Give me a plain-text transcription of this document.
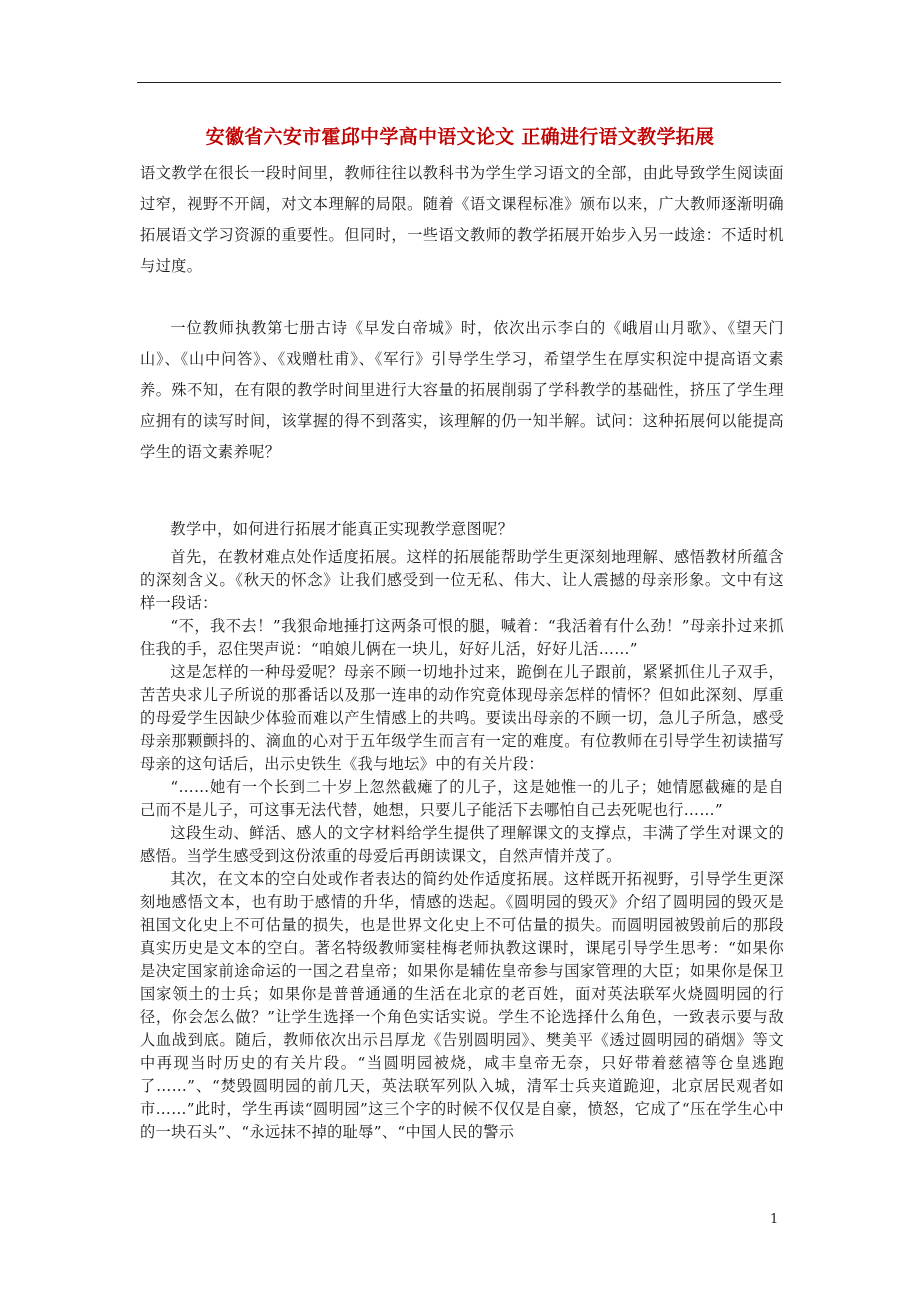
安徽省六安市霍邱中学高中语文论文 正确进行语文教学拓展

语文教学在很长一段时间里，教师往往以教科书为学生学习语文的全部，由此导致学生阅读面过窄，视野不开阔，对文本理解的局限。随着《语文课程标准》颁布以来，广大教师逐渐明确拓展语文学习资源的重要性。但同时，一些语文教师的教学拓展开始步入另一歧途：不适时机与过度。

一位教师执教第七册古诗《早发白帝城》时，依次出示李白的《峨眉山月歌》、《望天门山》、《山中问答》、《戏赠杜甫》、《军行》引导学生学习，希望学生在厚实积淀中提高语文素养。殊不知，在有限的教学时间里进行大容量的拓展削弱了学科教学的基础性，挤压了学生理应拥有的读写时间，该掌握的得不到落实，该理解的仍一知半解。试问：这种拓展何以能提高学生的语文素养呢？

教学中，如何进行拓展才能真正实现教学意图呢？

首先，在教材难点处作适度拓展。这样的拓展能帮助学生更深刻地理解、感悟教材所蕴含的深刻含义。《秋天的怀念》让我们感受到一位无私、伟大、让人震撼的母亲形象。文中有这样一段话：

“不，我不去！”我狠命地捶打这两条可恨的腿，喊着：“我活着有什么劲！”母亲扑过来抓住我的手，忍住哭声说：“咱娘儿俩在一块儿，好好儿活，好好儿活……”

这是怎样的一种母爱呢？母亲不顾一切地扑过来，跪倒在儿子跟前，紧紧抓住儿子双手，苦苦央求儿子所说的那番话以及那一连串的动作究竟体现母亲怎样的情怀？但如此深刻、厚重的母爱学生因缺少体验而难以产生情感上的共鸣。要读出母亲的不顾一切，急儿子所急，感受母亲那颗颤抖的、滴血的心对于五年级学生而言有一定的难度。有位教师在引导学生初读描写母亲的这句话后，出示史铁生《我与地坛》中的有关片段：

“……她有一个长到二十岁上忽然截瘫了的儿子，这是她惟一的儿子；她情愿截瘫的是自己而不是儿子，可这事无法代替，她想，只要儿子能活下去哪怕自己去死呢也行……”

这段生动、鲜活、感人的文字材料给学生提供了理解课文的支撑点，丰满了学生对课文的感悟。当学生感受到这份浓重的母爱后再朗读课文，自然声情并茂了。

其次，在文本的空白处或作者表达的简约处作适度拓展。这样既开拓视野，引导学生更深刻地感悟文本，也有助于感情的升华，情感的迭起。《圆明园的毁灭》介绍了圆明园的毁灭是祖国文化史上不可估量的损失，也是世界文化史上不可估量的损失。而圆明园被毁前后的那段真实历史是文本的空白。著名特级教师窦桂梅老师执教这课时，课尾引导学生思考：“如果你是决定国家前途命运的一国之君皇帝；如果你是辅佐皇帝参与国家管理的大臣；如果你是保卫国家领土的士兵；如果你是普普通通的生活在北京的老百姓，面对英法联军火烧圆明园的行径，你会怎么做？”让学生选择一个角色实话实说。学生不论选择什么角色，一致表示要与敌人血战到底。随后，教师依次出示吕厚龙《告别圆明园》、樊美平《透过圆明园的硝烟》等文中再现当时历史的有关片段。“当圆明园被烧，咸丰皇帝无奈，只好带着慈禧等仓皇逃跑了……”、“焚毁圆明园的前几天，英法联军列队入城，清军士兵夹道跪迎，北京居民观者如市……”此时，学生再读“圆明园”这三个字的时候不仅仅是自豪，愤怒，它成了“压在学生心中的一块石头”、“永远抹不掉的耻辱”、“中国人民的警示

1
